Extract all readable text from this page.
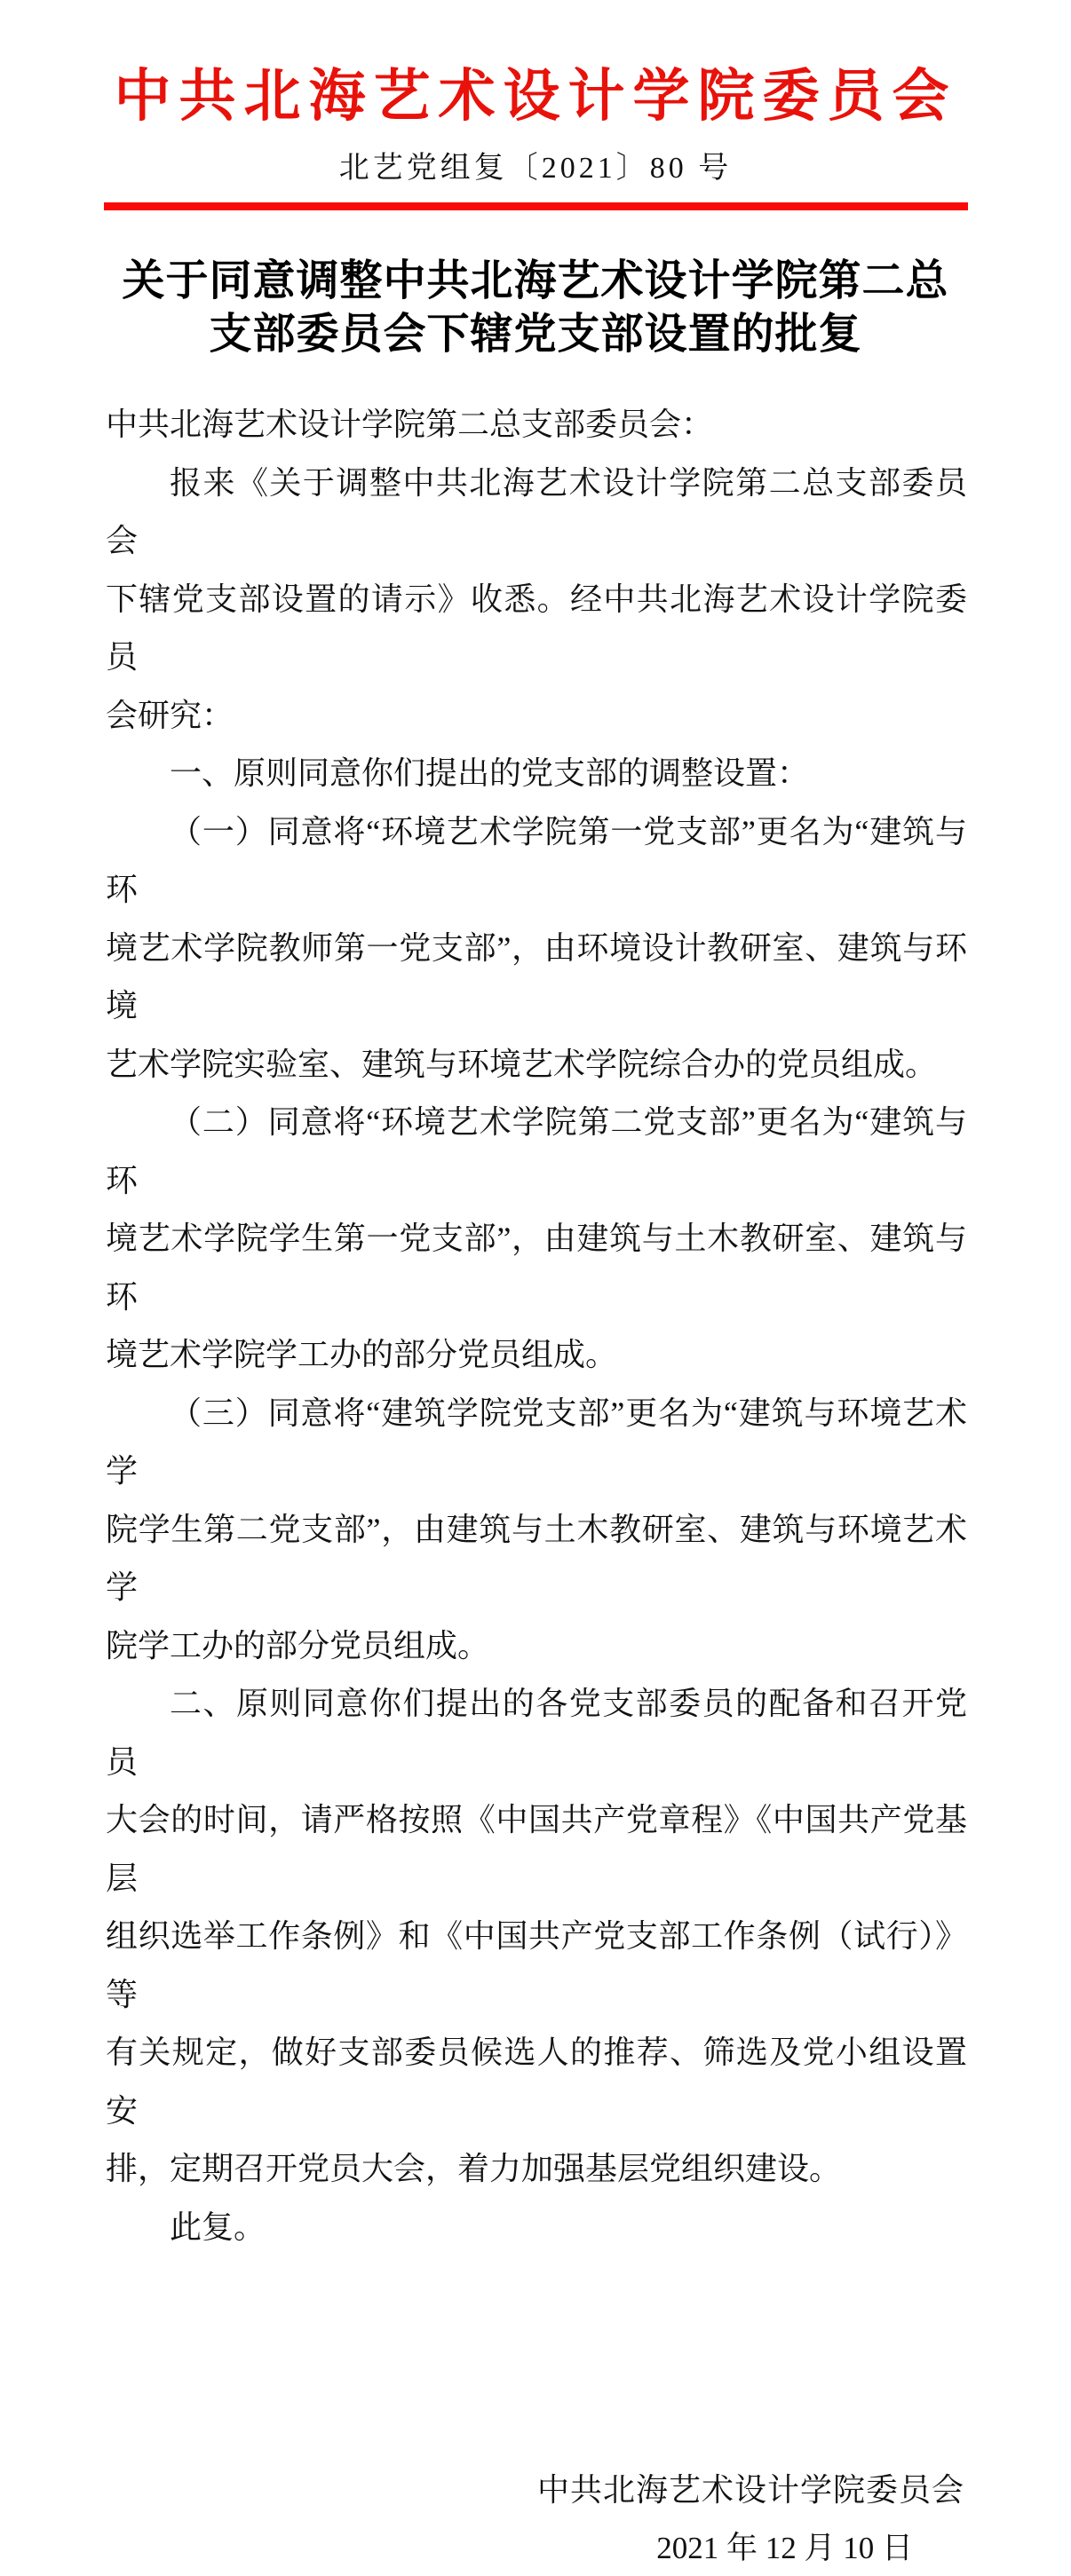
中共北海艺术设计学院委员会
北艺党组复〔2021〕80 号
关于同意调整中共北海艺术设计学院第二总
支部委员会下辖党支部设置的批复
中共北海艺术设计学院第二总支部委员会：
报来《关于调整中共北海艺术设计学院第二总支部委员会
下辖党支部设置的请示》收悉。经中共北海艺术设计学院委员
会研究：
一、原则同意你们提出的党支部的调整设置：
（一）同意将“环境艺术学院第一党支部”更名为“建筑与环
境艺术学院教师第一党支部”，由环境设计教研室、建筑与环境
艺术学院实验室、建筑与环境艺术学院综合办的党员组成。
（二）同意将“环境艺术学院第二党支部”更名为“建筑与环
境艺术学院学生第一党支部”，由建筑与土木教研室、建筑与环
境艺术学院学工办的部分党员组成。
（三）同意将“建筑学院党支部”更名为“建筑与环境艺术学
院学生第二党支部”，由建筑与土木教研室、建筑与环境艺术学
院学工办的部分党员组成。
二、原则同意你们提出的各党支部委员的配备和召开党员
大会的时间，请严格按照《中国共产党章程》《中国共产党基层
组织选举工作条例》和《中国共产党支部工作条例（试行）》等
有关规定，做好支部委员候选人的推荐、筛选及党小组设置安
排，定期召开党员大会，着力加强基层党组织建设。
此复。
中共北海艺术设计学院委员会
2021 年 12 月 10 日
